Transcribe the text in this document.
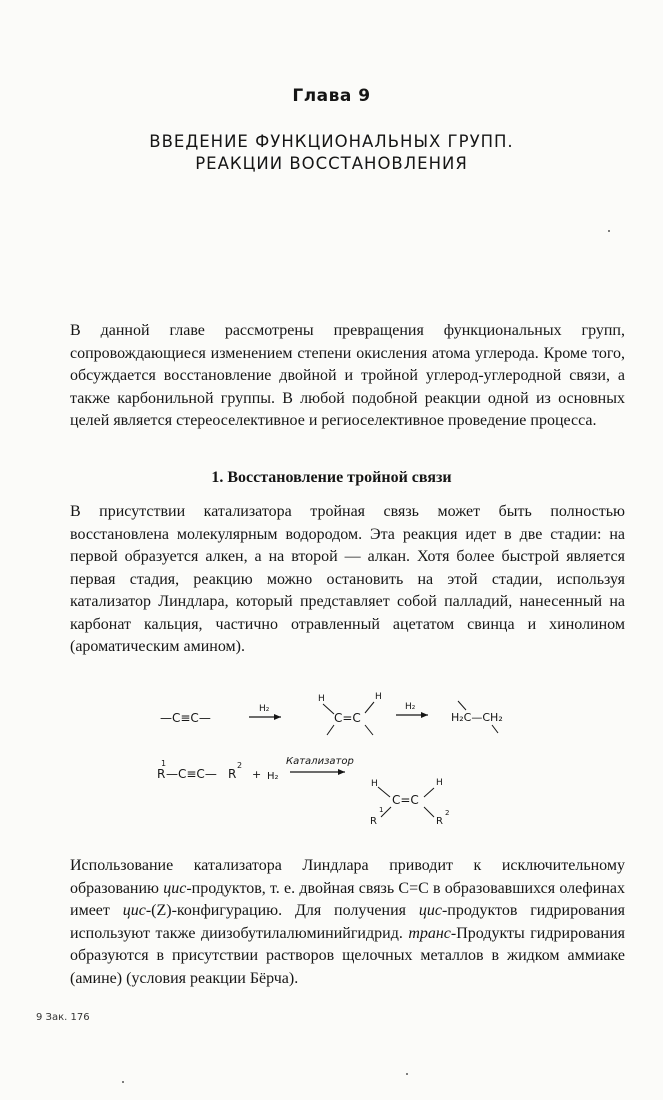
Глава 9
ВВЕДЕНИЕ ФУНКЦИОНАЛЬНЫХ ГРУПП.
РЕАКЦИИ ВОССТАНОВЛЕНИЯ

В данной главе рассмотрены превращения функциональных групп, сопровождающиеся изменением степени окисления атома углерода. Кроме того, обсуждается восстановление двойной и тройной углерод-углеродной связи, а также карбонильной группы. В любой подобной реакции одной из основных целей является стереоселективное и региоселективное проведение процесса.

1. Восстановление тройной связи

В присутствии катализатора тройная связь может быть полностью восстановлена молекулярным водородом. Эта реакция идет в две стадии: на первой образуется алкен, а на второй — алкан. Хотя более быстрой является первая стадия, реакцию можно остановить на этой стадии, используя катализатор Линдлара, который представляет собой палладий, нанесенный на карбонат кальция, частично отравленный ацетатом свинца и хинолином (ароматическим амином).

—C≡C—
H₂
H	H
C=C
H₂
H₂C—CH₂
1
R —C≡C— R
2
+ H₂
Катализатор
H	H
C=C
1
R	R
2

Использование катализатора Линдлара приводит к исключительному образованию цис-продуктов, т. е. двойная связь C=C в образовавшихся олефинах имеет цис-(Z)-конфигурацию. Для получения цис-продуктов гидрирования используют также диизобутилалюминийгидрид. транс-Продукты гидрирования образуются в присутствии растворов щелочных металлов в жидком аммиаке (амине) (условия реакции Бёрча).

9 Зак. 176
